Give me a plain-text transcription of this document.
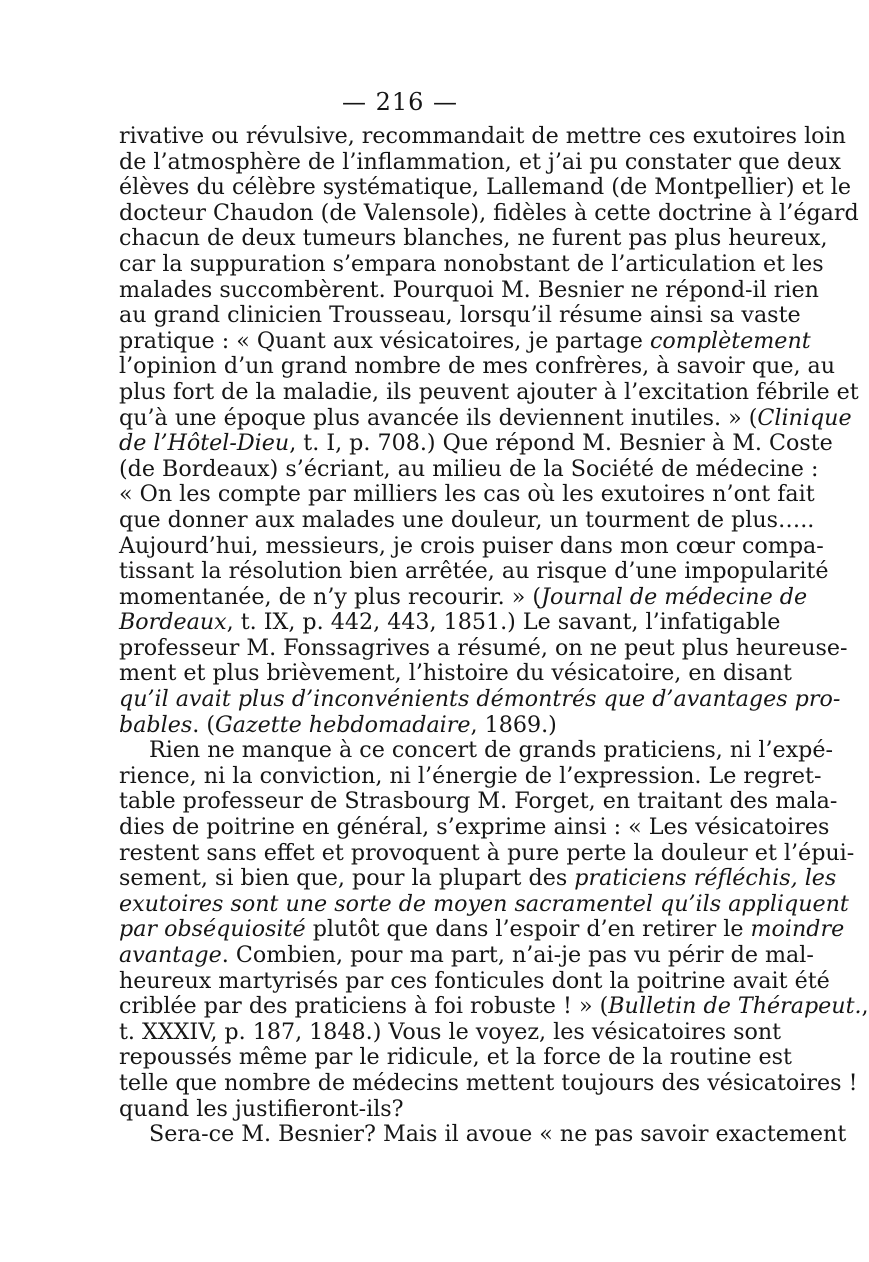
— 216 —
rivative ou révulsive, recommandait de mettre ces exutoires loin
de l’atmosphère de l’inflammation, et j’ai pu constater que deux
élèves du célèbre systématique, Lallemand (de Montpellier) et le
docteur Chaudon (de Valensole), fidèles à cette doctrine à l’égard
chacun de deux tumeurs blanches, ne furent pas plus heureux,
car la suppuration s’empara nonobstant de l’articulation et les
malades succombèrent. Pourquoi M. Besnier ne répond-il rien
au grand clinicien Trousseau, lorsqu’il résume ainsi sa vaste
pratique : « Quant aux vésicatoires, je partage complètement
l’opinion d’un grand nombre de mes confrères, à savoir que, au
plus fort de la maladie, ils peuvent ajouter à l’excitation fébrile et
qu’à une époque plus avancée ils deviennent inutiles. » (Clinique
de l’Hôtel-Dieu, t. I, p. 708.) Que répond M. Besnier à M. Coste
(de Bordeaux) s’écriant, au milieu de la Société de médecine :
« On les compte par milliers les cas où les exutoires n’ont fait
que donner aux malades une douleur, un tourment de plus…..
Aujourd’hui, messieurs, je crois puiser dans mon cœur compa-
tissant la résolution bien arrêtée, au risque d’une impopularité
momentanée, de n’y plus recourir. » (Journal de médecine de
Bordeaux, t. IX, p. 442, 443, 1851.) Le savant, l’infatigable
professeur M. Fonssagrives a résumé, on ne peut plus heureuse-
ment et plus brièvement, l’histoire du vésicatoire, en disant
qu’il avait plus d’inconvénients démontrés que d’avantages pro-
bables. (Gazette hebdomadaire, 1869.)
Rien ne manque à ce concert de grands praticiens, ni l’expé-
rience, ni la conviction, ni l’énergie de l’expression. Le regret-
table professeur de Strasbourg M. Forget, en traitant des mala-
dies de poitrine en général, s’exprime ainsi : « Les vésicatoires
restent sans effet et provoquent à pure perte la douleur et l’épui-
sement, si bien que, pour la plupart des praticiens réfléchis, les
exutoires sont une sorte de moyen sacramentel qu’ils appliquent
par obséquiosité plutôt que dans l’espoir d’en retirer le moindre
avantage. Combien, pour ma part, n’ai-je pas vu périr de mal-
heureux martyrisés par ces fonticules dont la poitrine avait été
criblée par des praticiens à foi robuste ! » (Bulletin de Thérapeut.,
t. XXXIV, p. 187, 1848.) Vous le voyez, les vésicatoires sont
repoussés même par le ridicule, et la force de la routine est
telle que nombre de médecins mettent toujours des vésicatoires !
quand les justifieront-ils?
Sera-ce M. Besnier? Mais il avoue « ne pas savoir exactement
